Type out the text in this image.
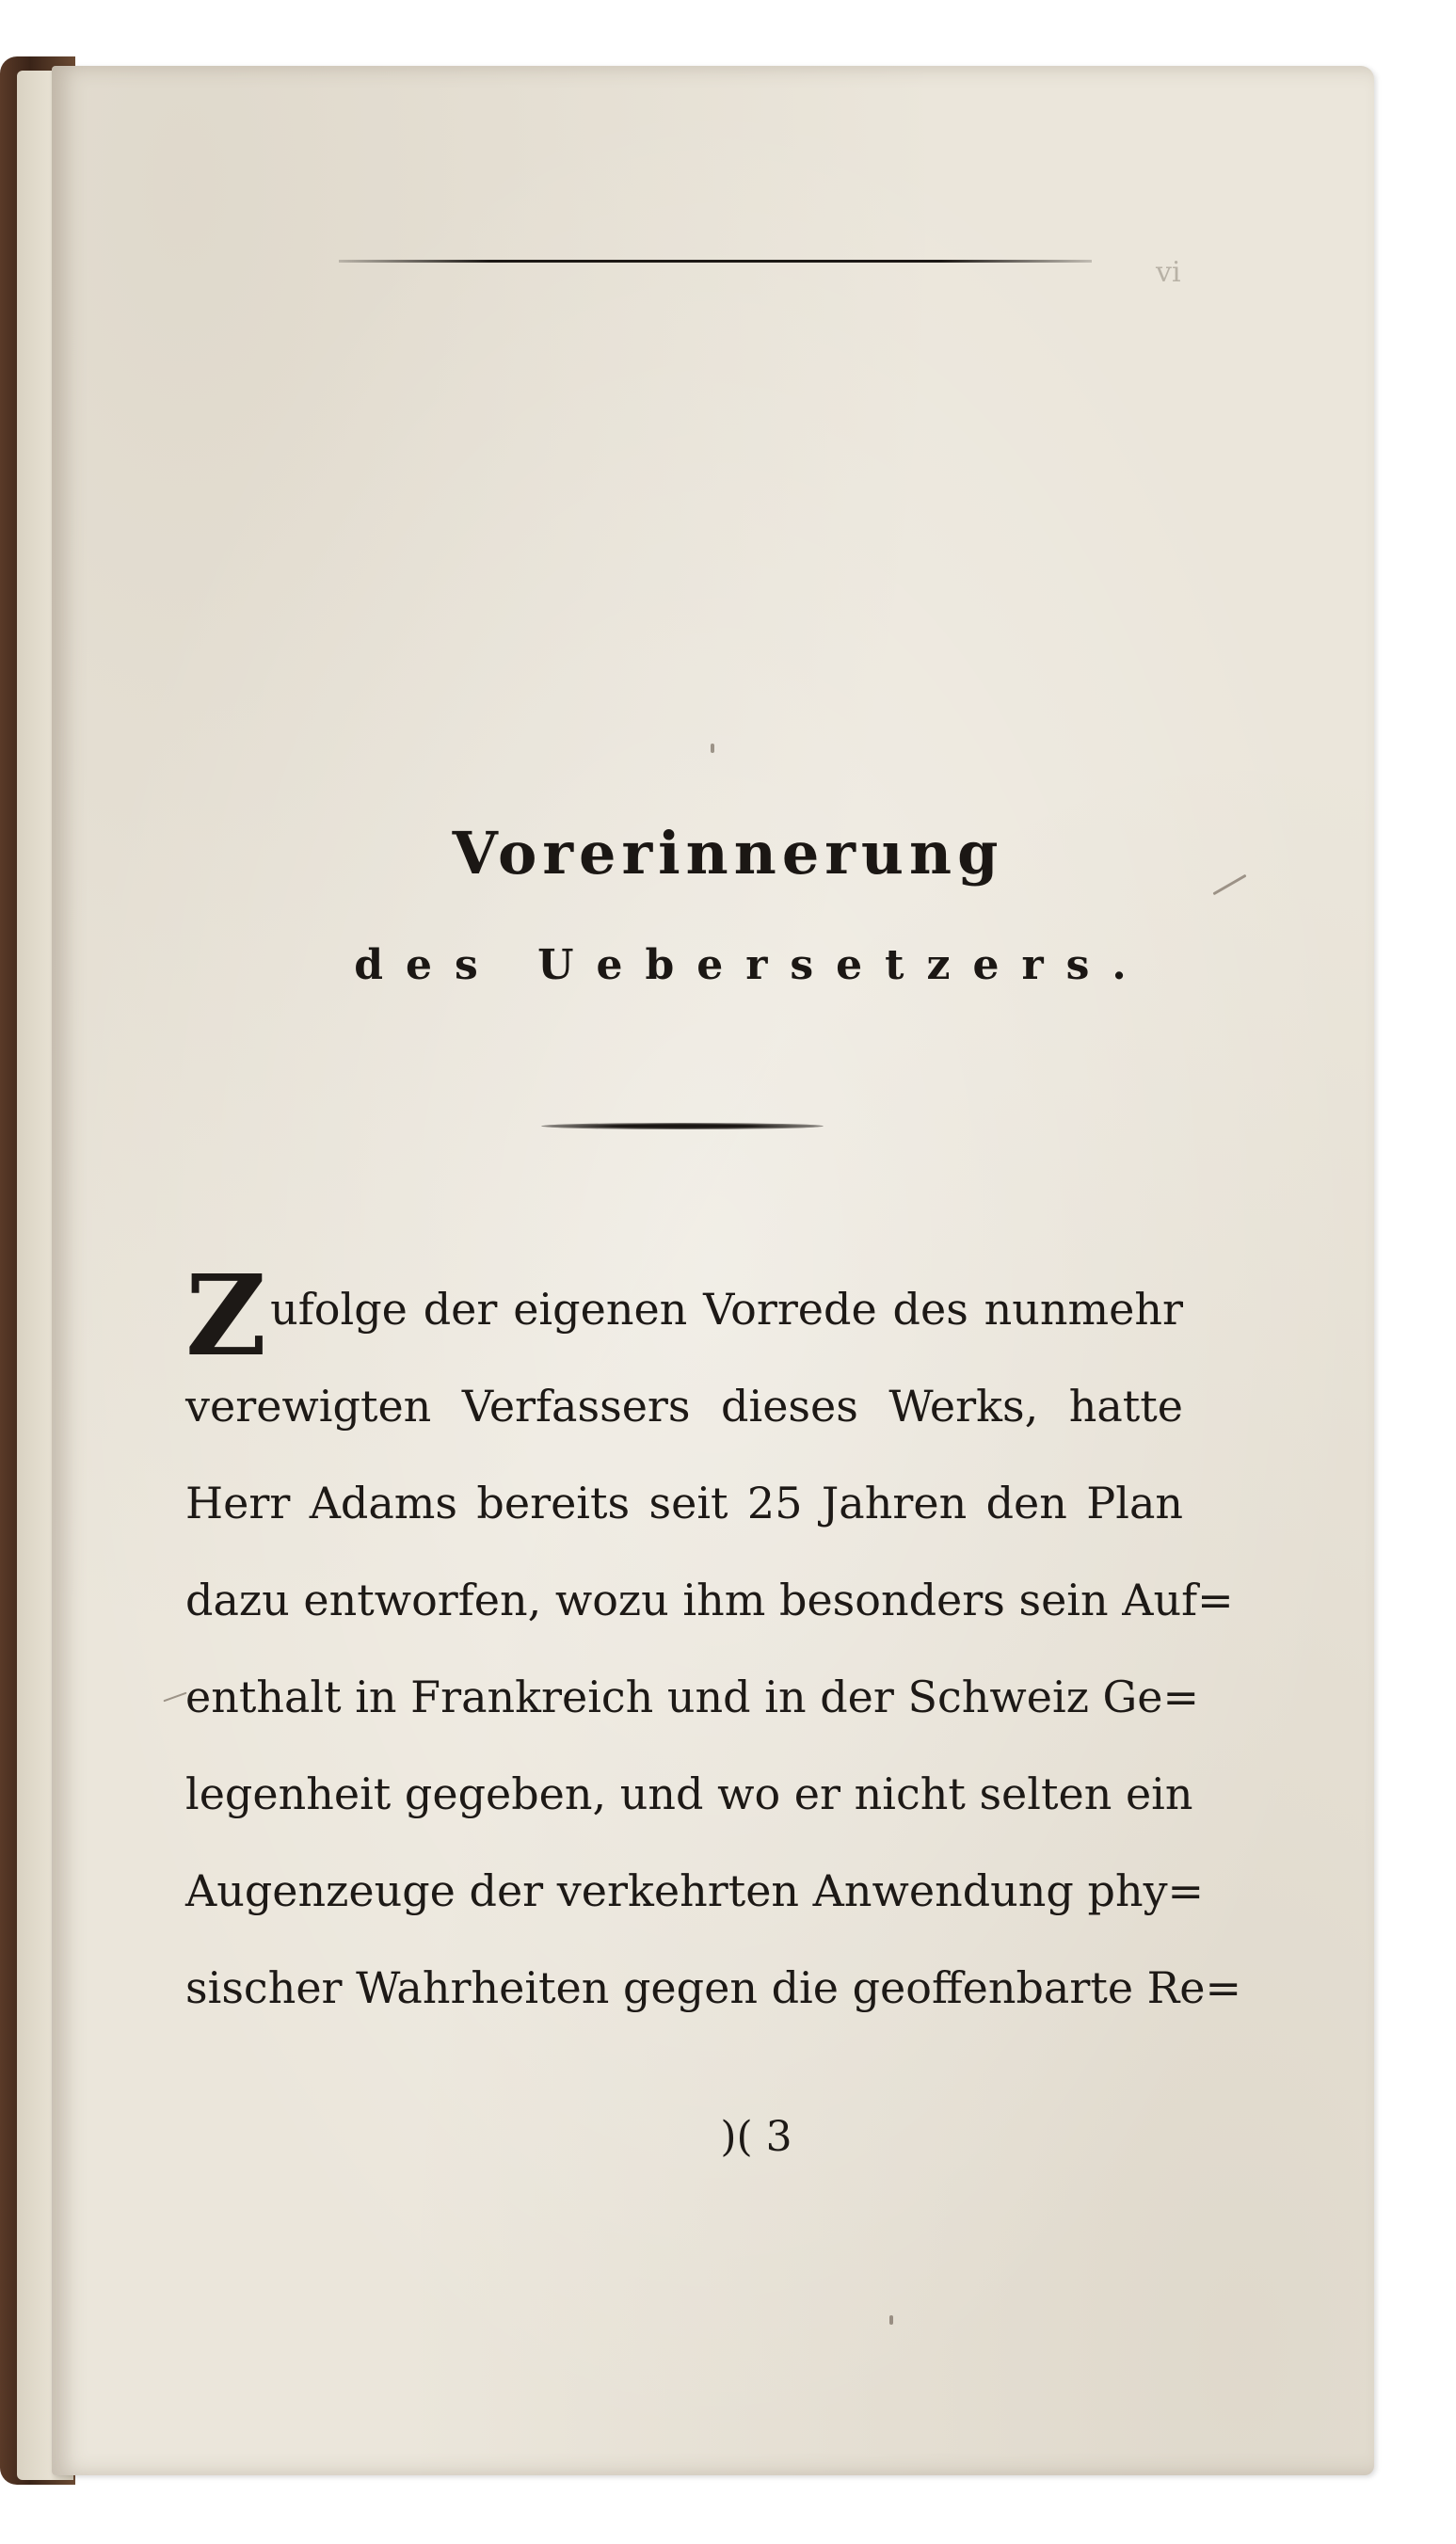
vi
Vorerinnerung
des Uebersetzers.
Z ufolge der eigenen Vorrede des nunmehr
verewigten Verfassers dieses Werks, hatte
Herr Adams bereits seit 25 Jahren den Plan
dazu entworfen, wozu ihm besonders sein Auf=
enthalt in Frankreich und in der Schweiz Ge=
legenheit gegeben, und wo er nicht selten ein
Augenzeuge der verkehrten Anwendung phy=
sischer Wahrheiten gegen die geoffenbarte Re=
)( 3
